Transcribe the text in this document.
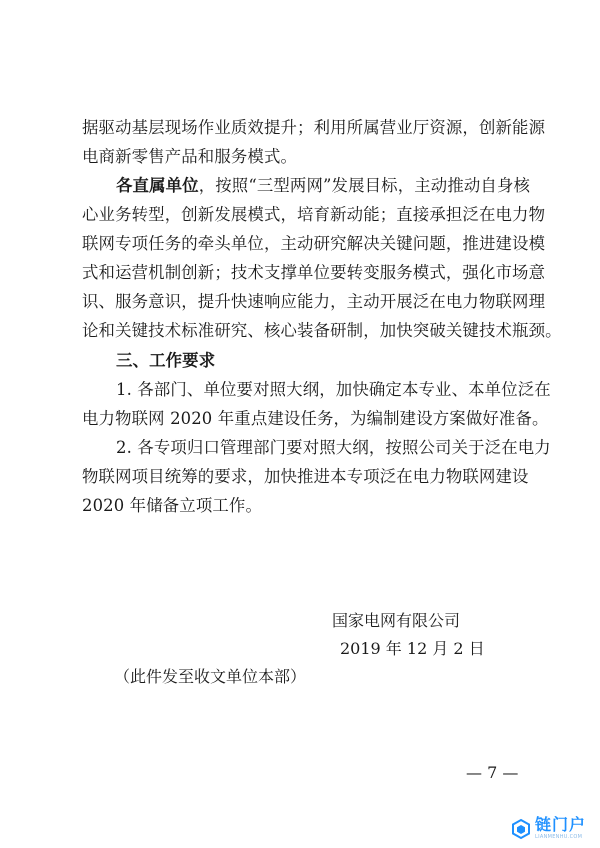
据驱动基层现场作业质效提升；利用所属营业厅资源，创新能源

电商新零售产品和服务模式。

各直属单位，按照“三型两网”发展目标，主动推动自身核

心业务转型，创新发展模式，培育新动能；直接承担泛在电力物

联网专项任务的牵头单位，主动研究解决关键问题，推进建设模

式和运营机制创新；技术支撑单位要转变服务模式，强化市场意

识、服务意识，提升快速响应能力，主动开展泛在电力物联网理

论和关键技术标准研究、核心装备研制，加快突破关键技术瓶颈。

三、工作要求

1. 各部门、单位要对照大纲，加快确定本专业、本单位泛在

电力物联网 2020 年重点建设任务，为编制建设方案做好准备。

2. 各专项归口管理部门要对照大纲，按照公司关于泛在电力

物联网项目统筹的要求，加快推进本专项泛在电力物联网建设

2020 年储备立项工作。

国家电网有限公司
2019 年 12 月 2 日
（此件发至收文单位本部）
— 7 —
链门户
LIANMENHU.COM
